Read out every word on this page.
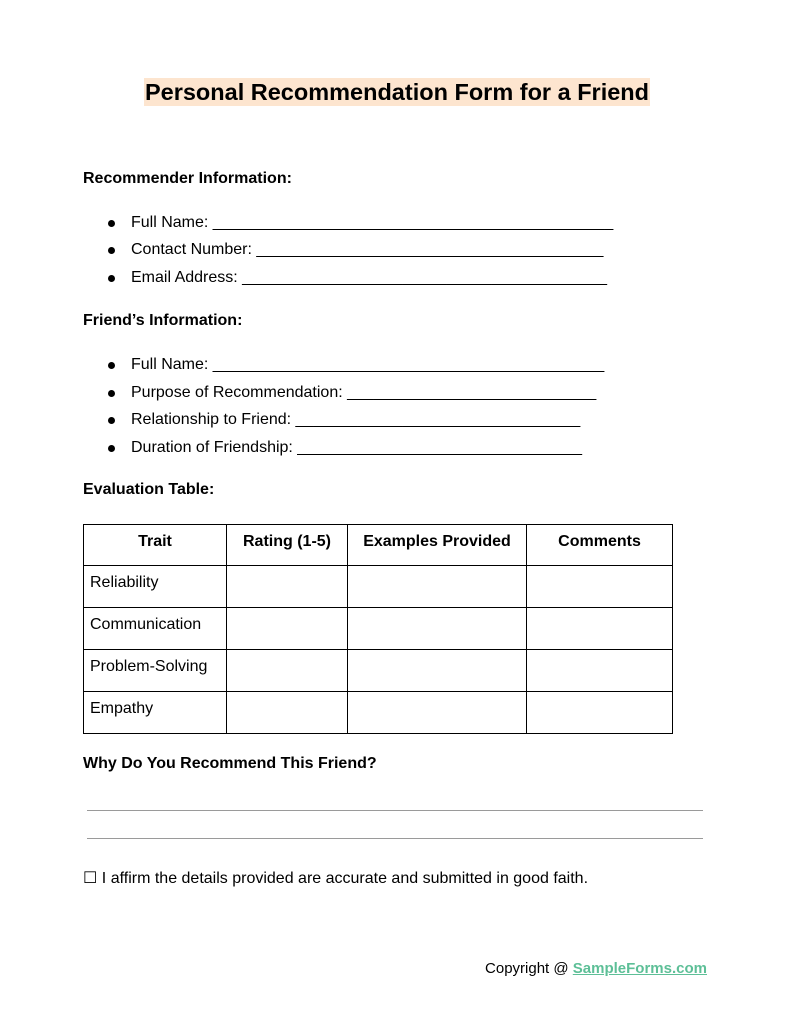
Personal Recommendation Form for a Friend
Recommender Information:
Full Name: _____________________________________________
Contact Number: _______________________________________
Email Address: _________________________________________
Friend’s Information:
Full Name: ____________________________________________
Purpose of Recommendation: ____________________________
Relationship to Friend: ________________________________
Duration of Friendship: ________________________________
Evaluation Table:
Trait	Rating (1-5)	Examples Provided	Comments
Reliability			
Communication			
Problem-Solving			
Empathy			
Why Do You Recommend This Friend?
☐ I affirm the details provided are accurate and submitted in good faith.
Copyright @ SampleForms.com
